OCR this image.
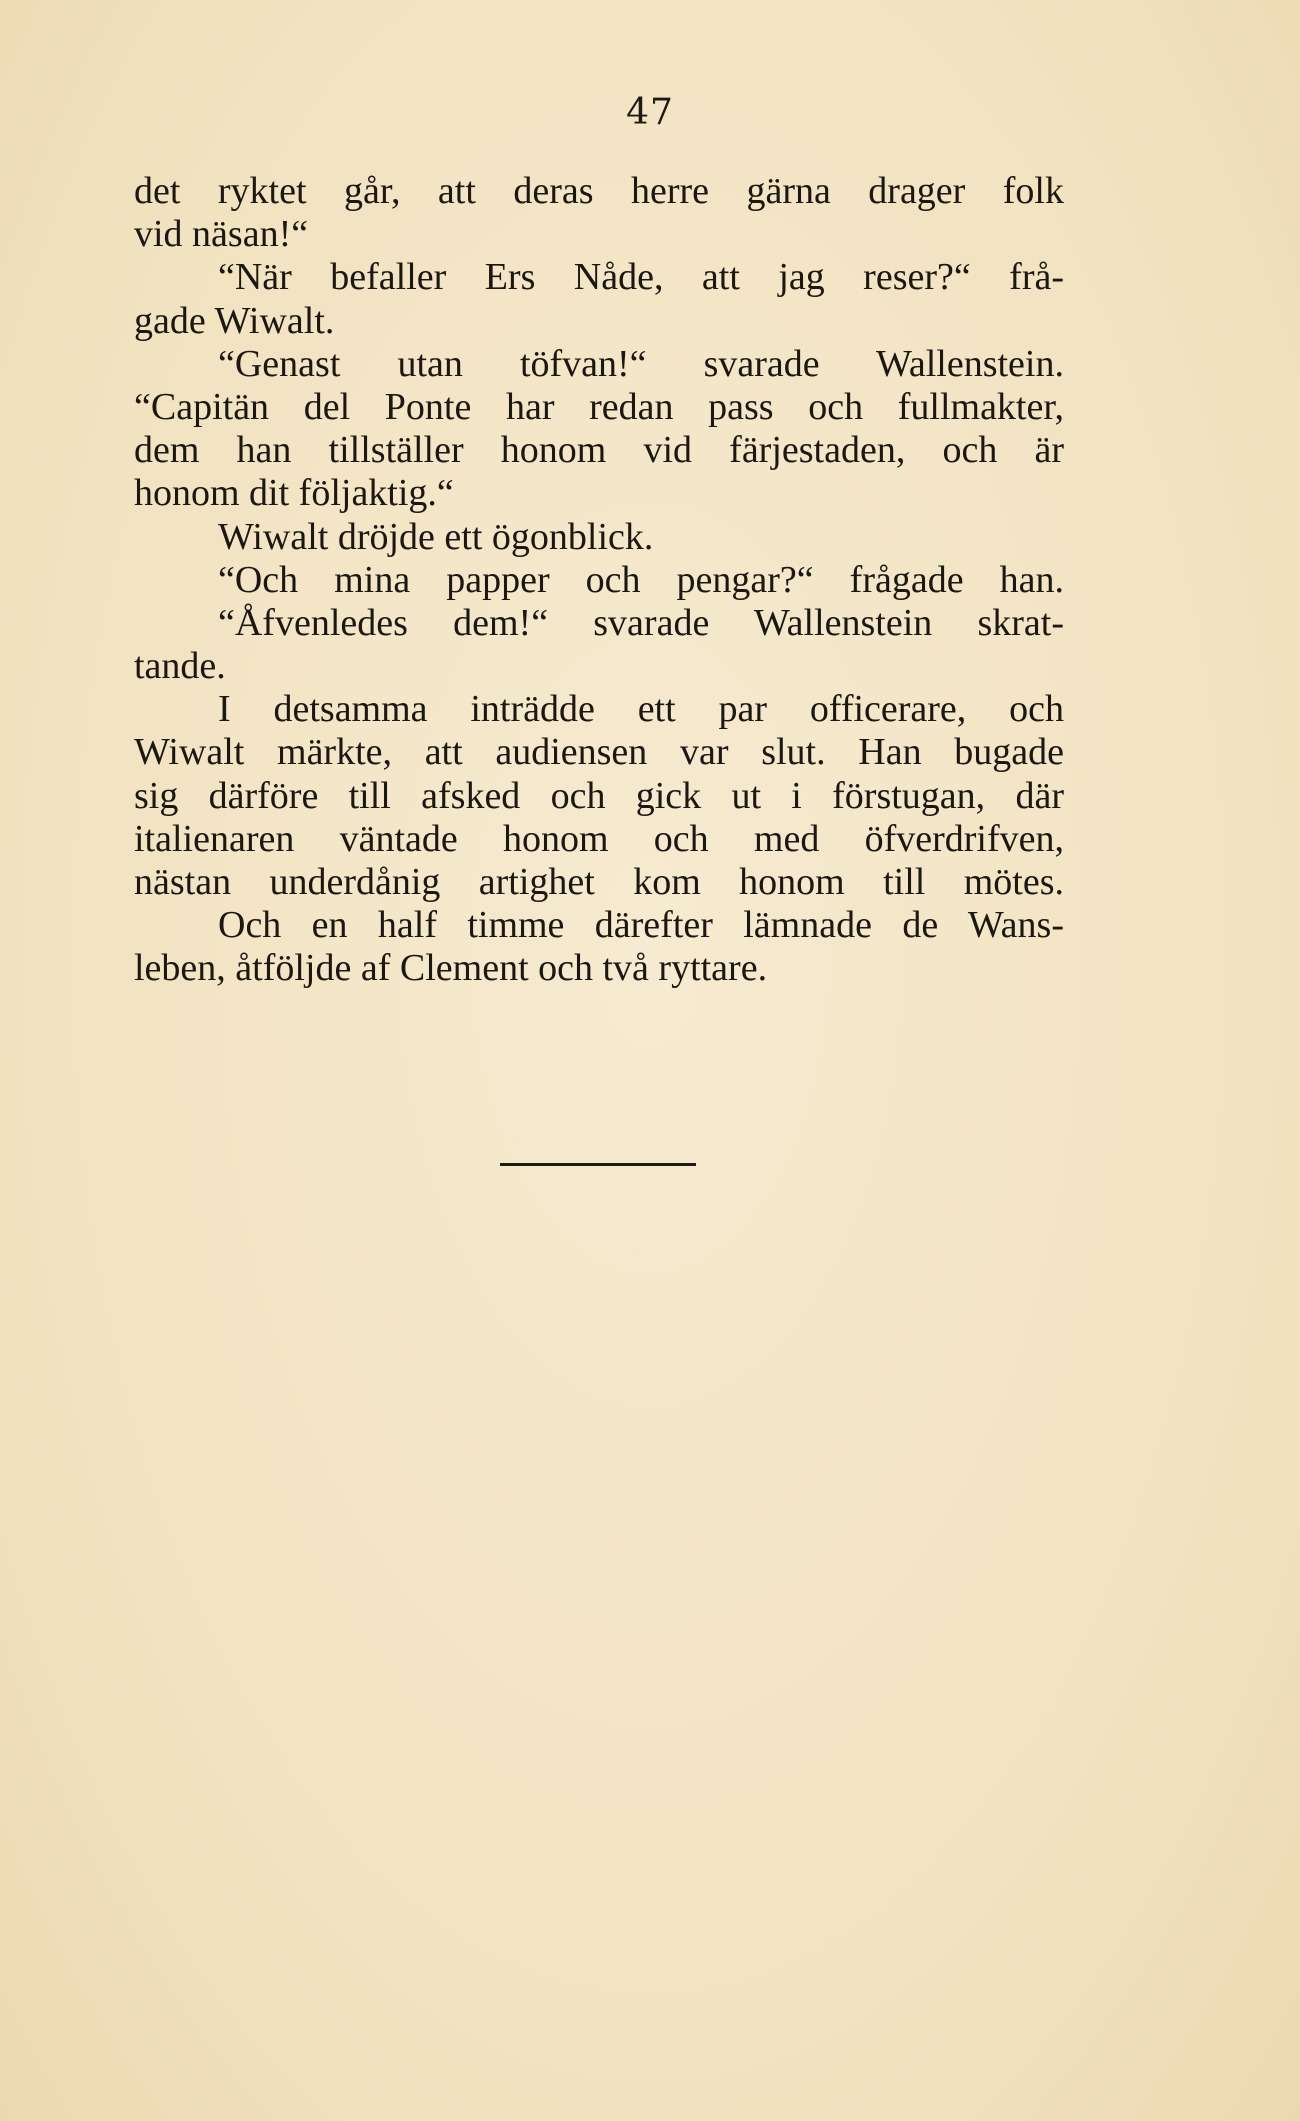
47
det ryktet går, att deras herre gärna drager folk
vid näsan!“
“När befaller Ers Nåde, att jag reser?“ frå-
gade Wiwalt.
“Genast utan töfvan!“ svarade Wallenstein.
“Capitän del Ponte har redan pass och fullmakter,
dem han tillställer honom vid färjestaden, och är
honom dit följaktig.“
Wiwalt dröjde ett ögonblick.
“Och mina papper och pengar?“ frågade han.
“Åfvenledes dem!“ svarade Wallenstein skrat-
tande.
I detsamma inträdde ett par officerare, och
Wiwalt märkte, att audiensen var slut. Han bugade
sig därföre till afsked och gick ut i förstugan, där
italienaren väntade honom och med öfverdrifven,
nästan underdånig artighet kom honom till mötes.
Och en half timme därefter lämnade de Wans-
leben, åtföljde af Clement och två ryttare.
